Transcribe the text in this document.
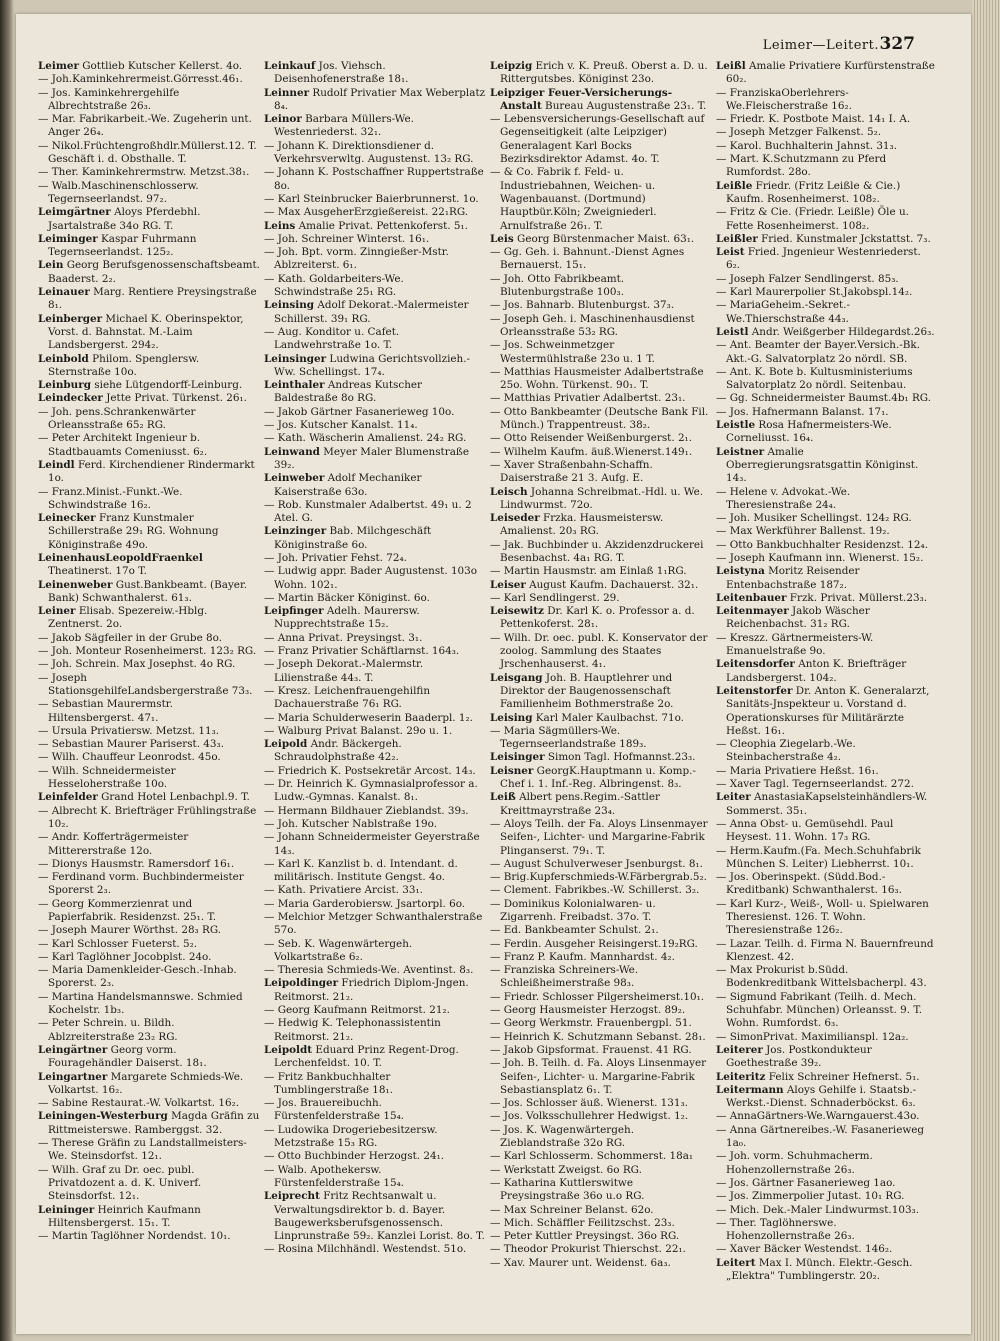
Leimer—Leitert. 327

Leimer Gottlieb Kutscher Kellerst. 4o.

— Joh.Kaminkehrermeist.Görresst.46₁.

— Jos. Kaminkehrergehilfe Albrechtstraße 26₃.

— Mar. Fabrikarbeit.-We. Zugeherin unt. Anger 26₄.

— Nikol.Früchtengroßhdlr.Müllerst.12. T. Geschäft i. d. Obsthalle. T.

— Ther. Kaminkehrermstrw. Metzst.38₁.

— Walb.Maschinenschlosserw. Tegernseerlandst. 97₂.

Leimgärtner Aloys Pferdebhl. Jsartalstraße 34o RG. T.

Leiminger Kaspar Fuhrmann Tegernseerlandst. 125₂.

Lein Georg Berufsgenossenschaftsbeamt. Baaderst. 2₂.

Leinauer Marg. Rentiere Preysingstraße 8₁.

Leinberger Michael K. Oberinspektor, Vorst. d. Bahnstat. M.-Laim Landsbergerst. 294₂.

Leinbold Philom. Spenglersw. Sternstraße 10o.

Leinburg siehe Lütgendorff-Leinburg.

Leindecker Jette Privat. Türkenst. 26₁.

— Joh. pens.Schrankenwärter Orleansstraße 65₂ RG.

— Peter Architekt Ingenieur b. Stadtbauamts Comeniusst. 6₂.

Leindl Ferd. Kirchendiener Rindermarkt 1o.

— Franz.Minist.-Funkt.-We. Schwindstraße 16₂.

Leinecker Franz Kunstmaler Schillerstraße 29₁ RG. Wohnung Königinstraße 49o.

LeinenhausLeopoldFraenkel Theatinerst. 17o T.

Leinenweber Gust.Bankbeamt. (Bayer. Bank) Schwanthalerst. 61₃.

Leiner Elisab. Spezereiw.-Hblg. Zentnerst. 2o.

— Jakob Sägfeiler in der Grube 8o.

— Joh. Monteur Rosenheimerst. 123₂ RG.

— Joh. Schrein. Max Josephst. 4o RG.

— Joseph StationsgehilfeLandsbergerstraße 73₃.

— Sebastian Maurermstr. Hiltensbergerst. 47₁.

— Ursula Privatiersw. Metzst. 11₃.

— Sebastian Maurer Pariserst. 43₃.

— Wilh. Chauffeur Leonrodst. 45o.

— Wilh. Schneidermeister Hesseloherstraße 10o.

Leinfelder Grand Hotel Lenbachpl.9. T.

— Albrecht K. Briefträger Frühlingstraße 10₂.

— Andr. Kofferträgermeister Mittererstraße 12o.

— Dionys Hausmstr. Ramersdorf 16₁.

— Ferdinand vorm. Buchbindermeister Sporerst 2₃.

— Georg Kommerzienrat und Papierfabrik. Residenzst. 25₁. T.

— Joseph Maurer Wörthst. 28₃ RG.

— Karl Schlosser Fueterst. 5₂.

— Karl Taglöhner Jocobplst. 24o.

— Maria Damenkleider-Gesch.-Inhab. Sporerst. 2₃.

— Martina Handelsmannswe. Schmied Kochelstr. 1b₃.

— Peter Schrein. u. Bildh. Ablzreiterstraße 23₂ RG.

Leingärtner Georg vorm. Fouragehändler Daiserst. 18₁.

Leingartner Margarete Schmieds-We. Volkartst. 16₂.

— Sabine Restaurat.-W. Volkartst. 16₂.

Leiningen-Westerburg Magda Gräfin zu Rittmeisterswe. Ramberggst. 32.

— Therese Gräfin zu Landstallmeisters-We. Steinsdorfst. 12₁.

— Wilh. Graf zu Dr. oec. publ. Privatdozent a. d. K. Univerf. Steinsdorfst. 12₁.

Leininger Heinrich Kaufmann Hiltensbergerst. 15₁. T.

— Martin Taglöhner Nordendst. 10₁.

Leinkauf Jos. Viehsch. Deisenhofenerstraße 18₁.

Leinner Rudolf Privatier Max Weberplatz 8₄.

Leinor Barbara Müllers-We. Westenriederst. 32₁.

— Johann K. Direktionsdiener d. Verkehrsverwltg. Augustenst. 13₂ RG.

— Johann K. Postschaffner Ruppertstraße 8o.

— Karl Steinbrucker Baierbrunnerst. 1o.

— Max AusgeherErzgießereist. 22₁RG.

Leins Amalie Privat. Pettenkoferst. 5₁.

— Joh. Schreiner Winterst. 16₁.

— Joh. Bpt. vorm. Zinngießer-Mstr. Ablzreiterst. 6₁.

— Kath. Goldarbeiters-We. Schwindstraße 25₁ RG.

Leinsing Adolf Dekorat.-Malermeister Schillerst. 39₁ RG.

— Aug. Konditor u. Cafet. Landwehrstraße 1o. T.

Leinsinger Ludwina Gerichtsvollzieh.-Ww. Schellingst. 17₄.

Leinthaler Andreas Kutscher Baldestraße 8o RG.

— Jakob Gärtner Fasanerieweg 10o.

— Jos. Kutscher Kanalst. 11₄.

— Kath. Wäscherin Amalienst. 24₂ RG.

Leinwand Meyer Maler Blumenstraße 39₂.

Leinweber Adolf Mechaniker Kaiserstraße 63o.

— Rob. Kunstmaler Adalbertst. 49₁ u. 2 Atel. G.

Leinzinger Bab. Milchgeschäft Königinstraße 6o.

— Joh. Privatier Fehst. 72₄.

— Ludwig appr. Bader Augustenst. 103o Wohn. 102₁.

— Martin Bäcker Königinst. 6o.

Leipfinger Adelh. Maurersw. Nupprechtstraße 15₂.

— Anna Privat. Preysingst. 3₁.

— Franz Privatier Schäftlarnst. 164₃.

— Joseph Dekorat.-Malermstr. Lilienstraße 44₃. T.

— Kresz. Leichenfrauengehilfin Dachauerstraße 76₁ RG.

— Maria Schulderweserin Baaderpl. 1₂.

— Walburg Privat Balanst. 29o u. 1.

Leipold Andr. Bäckergeh. Schraudolphstraße 42₂.

— Friedrich K. Postsekretär Arcost. 14₃.

— Dr. Heinrich K. Gymnasialprofessor a. Ludw.-Gymnas. Kanalst. 8₁.

— Hermann Bildhauer Zieblandst. 39₃.

— Joh. Kutscher Nablstraße 19o.

— Johann Schneidermeister Geyerstraße 14₃.

— Karl K. Kanzlist b. d. Intendant. d. militärisch. Institute Gengst. 4o.

— Kath. Privatiere Arcist. 33₁.

— Maria Garderobiersw. Jsartorpl. 6o.

— Melchior Metzger Schwanthalerstraße 57o.

— Seb. K. Wagenwärtergeh. Volkartstraße 6₂.

— Theresia Schmieds-We. Aventinst. 8₃.

Leipoldinger Friedrich Diplom-Jngen. Reitmorst. 21₂.

— Georg Kaufmann Reitmorst. 21₂.

— Hedwig K. Telephonassistentin Reitmorst. 21₂.

Leipoldt Eduard Prinz Regent-Drog. Lerchenfeldst. 10. T.

— Fritz Bankbuchhalter Tumblingerstraße 18₁.

— Jos. Brauereibuchh. Fürstenfelderstraße 15₄.

— Ludowika Drogeriebesitzersw. Metzstraße 15₃ RG.

— Otto Buchbinder Herzogst. 24₁.

— Walb. Apothekersw. Fürstenfelderstraße 15₄.

Leiprecht Fritz Rechtsanwalt u. Verwaltungsdirektor b. d. Bayer. Baugewerksberufsgenossensch. Linprunstraße 59₂. Kanzlei Lorist. 8o. T.

— Rosina Milchhändl. Westendst. 51o.

Leipzig Erich v. K. Preuß. Oberst a. D. u. Rittergutsbes. Königinst 23o.

Leipziger Feuer-Versicherungs-Anstalt Bureau Augustenstraße 23₁. T.

— Lebensversicherungs-Gesellschaft auf Gegenseitigkeit (alte Leipziger) Generalagent Karl Bocks Bezirksdirektor Adamst. 4o. T.

— & Co. Fabrik f. Feld- u. Industriebahnen, Weichen- u. Wagenbauanst. (Dortmund) Hauptbür.Köln; Zweigniederl. Arnulfstraße 26₁. T.

Leis Georg Bürstenmacher Maist. 63₁.

— Gg. Geh. i. Bahnunt.-Dienst Agnes Bernauerst. 15₁.

— Joh. Otto Fabrikbeamt. Blutenburgstraße 100₃.

— Jos. Bahnarb. Blutenburgst. 37₃.

— Joseph Geh. i. Maschinenhausdienst Orleansstraße 53₂ RG.

— Jos. Schweinmetzger Westermühlstraße 23o u. 1 T.

— Matthias Hausmeister Adalbertstraße 25o. Wohn. Türkenst. 90₁. T.

— Matthias Privatier Adalbertst. 23₁.

— Otto Bankbeamter (Deutsche Bank Fil. Münch.) Trappentreust. 38₂.

— Otto Reisender Weißenburgerst. 2₁.

— Wilhelm Kaufm. äuß.Wienerst.149₁.

— Xaver Straßenbahn-Schaffn. Daiserstraße 21 3. Aufg. E.

Leisch Johanna Schreibmat.-Hdl. u. We. Lindwurmst. 72o.

Leiseder Frzka. Hausmeistersw. Amalienst. 20₃ RG.

— Jak. Buchbinder u. Akzidenzdruckerei Besenbachst. 4a₁ RG. T.

— Martin Hausmstr. am Einlaß 1₁RG.

Leiser August Kaufm. Dachauerst. 32₁.

— Karl Sendlingerst. 29.

Leisewitz Dr. Karl K. o. Professor a. d. Pettenkoferst. 28₁.

— Wilh. Dr. oec. publ. K. Konservator der zoolog. Sammlung des Staates Jrschenhauserst. 4₁.

Leisgang Joh. B. Hauptlehrer und Direktor der Baugenossenschaft Familienheim Bothmerstraße 2o.

Leising Karl Maler Kaulbachst. 71o.

— Maria Sägmüllers-We. Tegernseerlandstraße 189₃.

Leisinger Simon Tagl. Hofmannst.23₃.

Leisner GeorgK.Hauptmann u. Komp.-Chef i. 1. Inf.-Reg. Albringenst. 8₃.

Leiß Albert pens.Regim.-Sattler Kreittmayrstraße 23₄.

— Aloys Teilh. der Fa. Aloys Linsenmayer Seifen-, Lichter- und Margarine-Fabrik Plinganserst. 79₁. T.

— August Schulverweser Jsenburgst. 8₁.

— Brig.Kupferschmieds-W.Färbergrab.5₂.

— Clement. Fabrikbes.-W. Schillerst. 3₂.

— Dominikus Kolonialwaren- u. Zigarrenh. Freibadst. 37o. T.

— Ed. Bankbeamter Schulst. 2₁.

— Ferdin. Ausgeher Reisingerst.19₂RG.

— Franz P. Kaufm. Mannhardst. 4₂.

— Franziska Schreiners-We. Schleißheimerstraße 98₃.

— Friedr. Schlosser Pilgersheimerst.10₁.

— Georg Hausmeister Herzogst. 89₂.

— Georg Werkmstr. Frauenbergpl. 51.

— Heinrich K. Schutzmann Sebanst. 28₁.

— Jakob Gipsformat. Frauenst. 41 RG.

— Joh. B. Teilh. d. Fa. Aloys Linsenmayer Seifen-, Lichter- u. Margarine-Fabrik Sebastiansplatz 6₁. T.

— Jos. Schlosser äuß. Wienerst. 131₃.

— Jos. Volksschullehrer Hedwigst. 1₂.

— Jos. K. Wagenwärtergeh. Zieblandstraße 32o RG.

— Karl Schlosserm. Schommerst. 18a₁

— Werkstatt Zweigst. 6o RG.

— Katharina Kuttlerswitwe Preysingstraße 36o u.o RG.

— Max Schreiner Belanst. 62o.

— Mich. Schäffler Feilitzschst. 23₃.

— Peter Kuttler Preysingst. 36o RG.

— Theodor Prokurist Thierschst. 22₁.

— Xav. Maurer unt. Weidenst. 6a₃.

Leißl Amalie Privatiere Kurfürstenstraße 60₂.

— FranziskaOberlehrers-We.Fleischerstraße 16₂.

— Friedr. K. Postbote Maist. 14₁ I. A.

— Joseph Metzger Falkenst. 5₂.

— Karol. Buchhalterin Jahnst. 31₃.

— Mart. K.Schutzmann zu Pferd Rumfordst. 28o.

Leißle Friedr. (Fritz Leißle & Cie.) Kaufm. Rosenheimerst. 108₂.

— Fritz & Cie. (Friedr. Leißle) Öle u. Fette Rosenheimerst. 108₂.

Leißler Fried. Kunstmaler Jckstattst. 7₃.

Leist Fried. Jngenieur Westenriederst. 6₂.

— Joseph Falzer Sendlingerst. 85₃.

— Karl Maurerpolier St.Jakobspl.14₂.

— MariaGeheim.-Sekret.-We.Thierschstraße 44₃.

Leistl Andr. Weißgerber Hildegardst.26₃.

— Ant. Beamter der Bayer.Versich.-Bk. Akt.-G. Salvatorplatz 2o nördl. SB.

— Ant. K. Bote b. Kultusministeriums Salvatorplatz 2o nördl. Seitenbau.

— Gg. Schneidermeister Baumst.4b₁ RG.

— Jos. Hafnermann Balanst. 17₁.

Leistle Rosa Hafnermeisters-We. Corneliusst. 16₄.

Leistner Amalie Oberregierungsratsgattin Königinst. 14₃.

— Helene v. Advokat.-We. Theresienstraße 24₄.

— Joh. Musiker Schellingst. 124₂ RG.

— Max Werkführer Ballenst. 19₂.

— Otto Bankbuchhalter Residenzst. 12₄.

— Joseph Kaufmann inn. Wienerst. 15₂.

Leistyna Moritz Reisender Entenbachstraße 187₂.

Leitenbauer Frzk. Privat. Müllerst.23₃.

Leitenmayer Jakob Wäscher Reichenbachst. 31₂ RG.

— Kreszz. Gärtnermeisters-W. Emanuelstraße 9o.

Leitensdorfer Anton K. Briefträger Landsbergerst. 104₂.

Leitenstorfer Dr. Anton K. Generalarzt, Sanitäts-Jnspekteur u. Vorstand d. Operationskurses für Militärärzte Heßst. 16₁.

— Cleophia Ziegelarb.-We. Steinbacherstraße 4₂.

— Maria Privatiere Heßst. 16₁.

— Xaver Tagl. Tegernseerlandst. 272.

Leiter AnastasiaKapselsteinhändlers-W. Sommerst. 35₁.

— Anna Obst- u. Gemüsehdl. Paul Heysest. 11. Wohn. 17₃ RG.

— Herm.Kaufm.(Fa. Mech.Schuhfabrik München S. Leiter) Liebherrst. 10₁.

— Jos. Oberinspekt. (Südd.Bod.-Kreditbank) Schwanthalerst. 16₃.

— Karl Kurz-, Weiß-, Woll- u. Spielwaren Theresienst. 126. T. Wohn. Theresienstraße 126₂.

— Lazar. Teilh. d. Firma N. Bauernfreund Klenzest. 42.

— Max Prokurist b.Südd. Bodenkreditbank Wittelsbacherpl. 43.

— Sigmund Fabrikant (Teilh. d. Mech. Schuhfabr. München) Orleansst. 9. T. Wohn. Rumfordst. 6₃.

— SimonPrivat. Maximilianspl. 12a₂.

Leiterer Jos. Postkondukteur Goethestraße 39₂.

Leiteritz Felix Schreiner Hefnerst. 5₁.

Leitermann Aloys Gehilfe i. Staatsb.-Werkst.-Dienst. Schnaderböckst. 6₃.

— AnnaGärtners-We.Warngauerst.43o.

— Anna Gärtnereibes.-W. Fasanerieweg 1a₀.

— Joh. vorm. Schuhmacherm. Hohenzollernstraße 26₃.

— Jos. Gärtner Fasanerieweg 1ao.

— Jos. Zimmerpolier Jutast. 10₁ RG.

— Mich. Dek.-Maler Lindwurmst.103₃.

— Ther. Taglöhnerswe. Hohenzollernstraße 26₃.

— Xaver Bäcker Westendst. 146₂.

Leitert Max I. Münch. Elektr.-Gesch. „Elektra" Tumblingerstr. 20₂.
